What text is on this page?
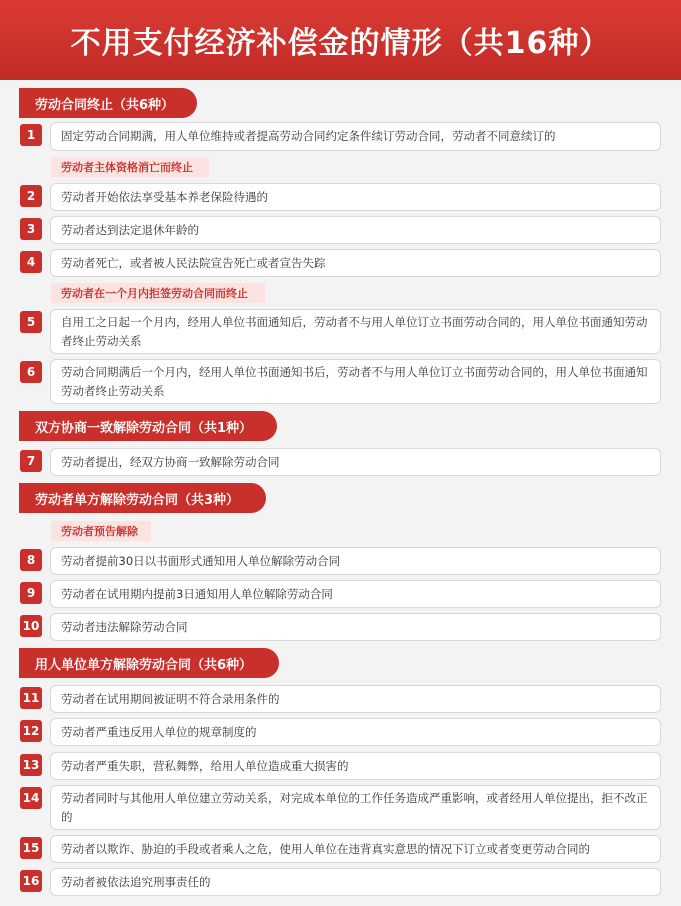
不用支付经济补偿金的情形（共16种）
劳动合同终止（共6种）
1	固定劳动合同期满，用人单位维持或者提高劳动合同约定条件续订劳动合同，劳动者不同意续订的
劳动者主体资格消亡而终止
2	劳动者开始依法享受基本养老保险待遇的
3	劳动者达到法定退休年龄的
4	劳动者死亡，或者被人民法院宣告死亡或者宣告失踪
劳动者在一个月内拒签劳动合同而终止
5	自用工之日起一个月内，经用人单位书面通知后，劳动者不与用人单位订立书面劳动合同的，用人单位书面通知劳动者终止劳动关系
6	劳动合同期满后一个月内，经用人单位书面通知书后，劳动者不与用人单位订立书面劳动合同的，用人单位书面通知劳动者终止劳动关系
双方协商一致解除劳动合同（共1种）
7	劳动者提出，经双方协商一致解除劳动合同
劳动者单方解除劳动合同（共3种）
劳动者预告解除
8	劳动者提前30日以书面形式通知用人单位解除劳动合同
9	劳动者在试用期内提前3日通知用人单位解除劳动合同
10	劳动者违法解除劳动合同
用人单位单方解除劳动合同（共6种）
11	劳动者在试用期间被证明不符合录用条件的
12	劳动者严重违反用人单位的规章制度的
13	劳动者严重失职，营私舞弊，给用人单位造成重大损害的
14	劳动者同时与其他用人单位建立劳动关系，对完成本单位的工作任务造成严重影响，或者经用人单位提出，拒不改正的
15	劳动者以欺诈、胁迫的手段或者乘人之危，使用人单位在违背真实意思的情况下订立或者变更劳动合同的
16	劳动者被依法追究刑事责任的
